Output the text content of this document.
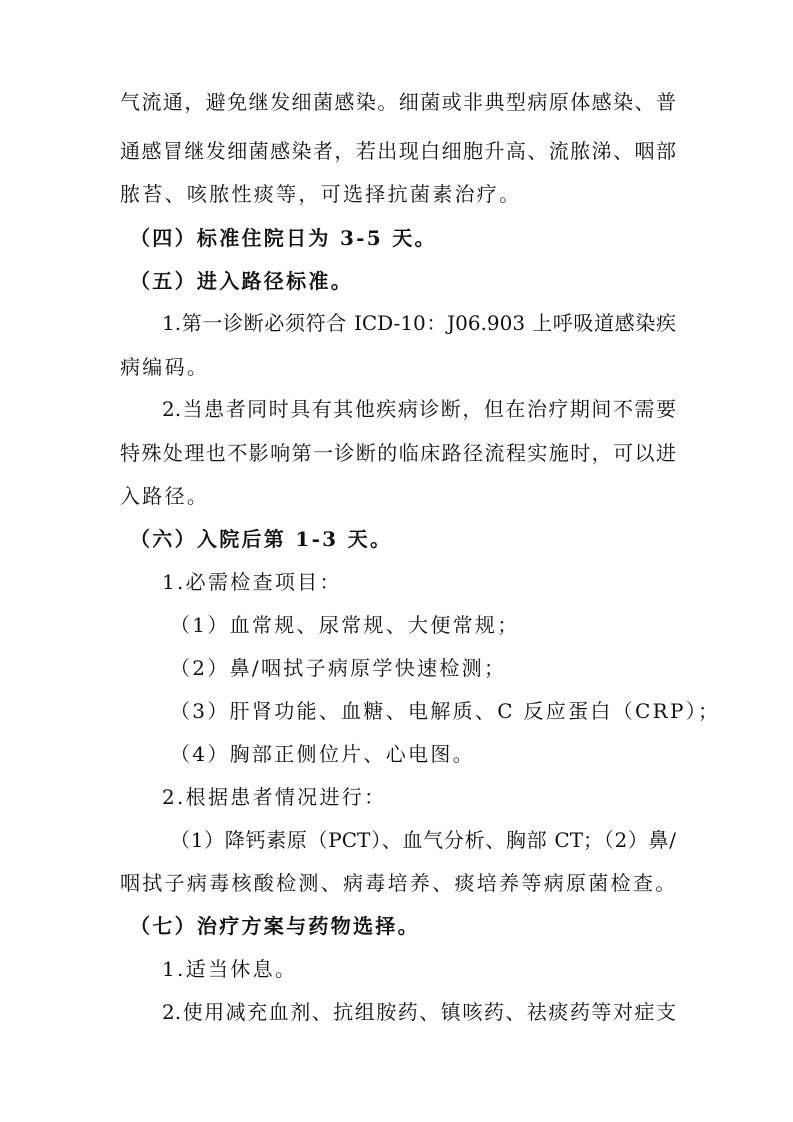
气流通，避免继发细菌感染。细菌或非典型病原体感染、普
通感冒继发细菌感染者，若出现白细胞升高、流脓涕、咽部
脓苔、咳脓性痰等，可选择抗菌素治疗。
（四）标准住院日为 3-5 天。
（五）进入路径标准。
1.第一诊断必须符合 ICD-10：J06.903 上呼吸道感染疾
病编码。
2.当患者同时具有其他疾病诊断，但在治疗期间不需要
特殊处理也不影响第一诊断的临床路径流程实施时，可以进
入路径。
（六）入院后第 1-3 天。
1.必需检查项目：
（1）血常规、尿常规、大便常规；
（2）鼻/咽拭子病原学快速检测；
（3）肝肾功能、血糖、电解质、C 反应蛋白（CRP）；
（4）胸部正侧位片、心电图。
2.根据患者情况进行：
（1）降钙素原（PCT）、血气分析、胸部 CT；（2）鼻/
咽拭子病毒核酸检测、病毒培养、痰培养等病原菌检查。
（七）治疗方案与药物选择。
1.适当休息。
2.使用减充血剂、抗组胺药、镇咳药、祛痰药等对症支
